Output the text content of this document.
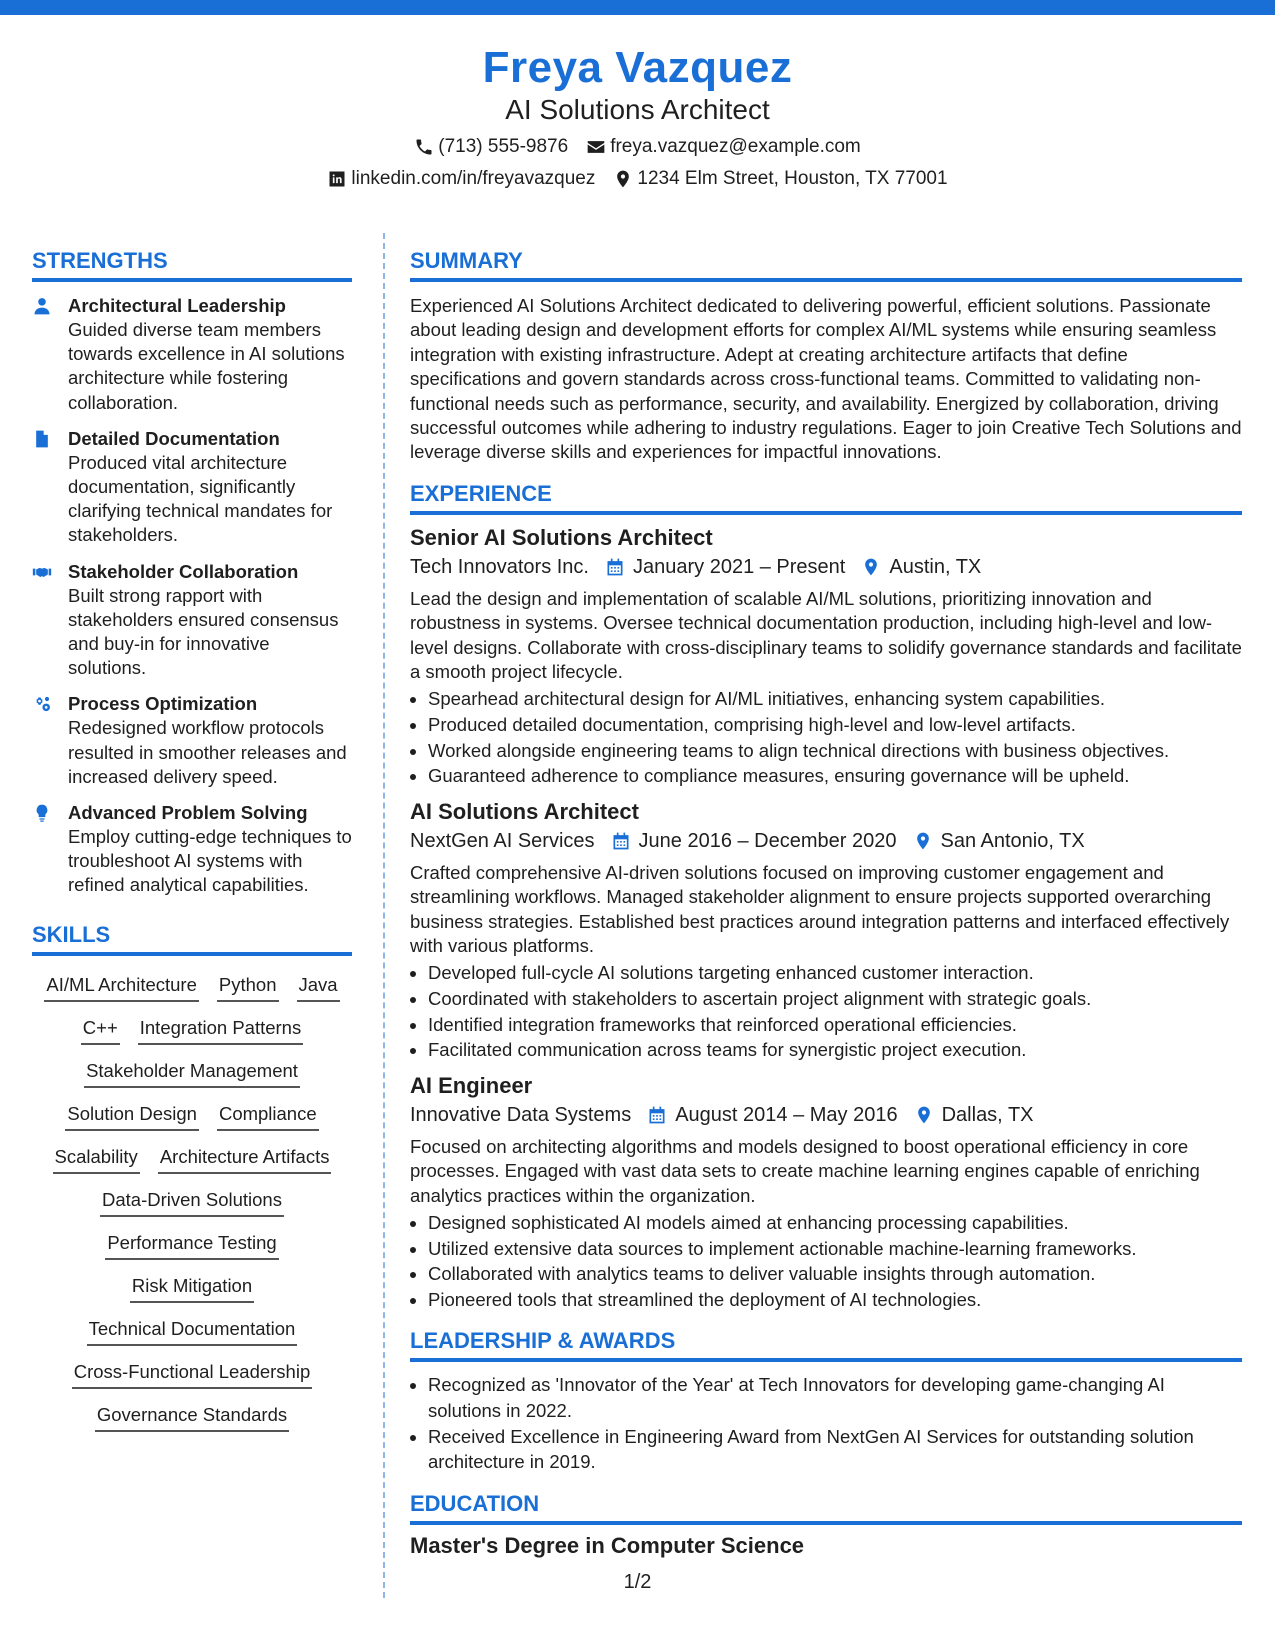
Freya Vazquez
AI Solutions Architect
(713) 555-9876 freya.vazquez@example.com
linkedin.com/in/freyavazquez 1234 Elm Street, Houston, TX 77001
STRENGTHS
Architectural Leadership
Guided diverse team members towards excellence in AI solutions architecture while fostering collaboration.
Detailed Documentation
Produced vital architecture documentation, significantly clarifying technical mandates for stakeholders.
Stakeholder Collaboration
Built strong rapport with stakeholders ensured consensus and buy-in for innovative solutions.
Process Optimization
Redesigned workflow protocols resulted in smoother releases and increased delivery speed.
Advanced Problem Solving
Employ cutting-edge techniques to troubleshoot AI systems with refined analytical capabilities.
SKILLS
AI/ML Architecture Python Java
C++ Integration Patterns
Stakeholder Management
Solution Design Compliance
Scalability Architecture Artifacts
Data-Driven Solutions
Performance Testing
Risk Mitigation
Technical Documentation
Cross-Functional Leadership
Governance Standards
SUMMARY
Experienced AI Solutions Architect dedicated to delivering powerful, efficient solutions. Passionate about leading design and development efforts for complex AI/ML systems while ensuring seamless integration with existing infrastructure. Adept at creating architecture artifacts that define specifications and govern standards across cross-functional teams. Committed to validating non-functional needs such as performance, security, and availability. Energized by collaboration, driving successful outcomes while adhering to industry regulations. Eager to join Creative Tech Solutions and leverage diverse skills and experiences for impactful innovations.
EXPERIENCE
Senior AI Solutions Architect
Tech Innovators Inc. January 2021 – Present Austin, TX
Lead the design and implementation of scalable AI/ML solutions, prioritizing innovation and robustness in systems. Oversee technical documentation production, including high-level and low-level designs. Collaborate with cross-disciplinary teams to solidify governance standards and facilitate a smooth project lifecycle.
• Spearhead architectural design for AI/ML initiatives, enhancing system capabilities.
• Produced detailed documentation, comprising high-level and low-level artifacts.
• Worked alongside engineering teams to align technical directions with business objectives.
• Guaranteed adherence to compliance measures, ensuring governance will be upheld.
AI Solutions Architect
NextGen AI Services June 2016 – December 2020 San Antonio, TX
Crafted comprehensive AI-driven solutions focused on improving customer engagement and streamlining workflows. Managed stakeholder alignment to ensure projects supported overarching business strategies. Established best practices around integration patterns and interfaced effectively with various platforms.
• Developed full-cycle AI solutions targeting enhanced customer interaction.
• Coordinated with stakeholders to ascertain project alignment with strategic goals.
• Identified integration frameworks that reinforced operational efficiencies.
• Facilitated communication across teams for synergistic project execution.
AI Engineer
Innovative Data Systems August 2014 – May 2016 Dallas, TX
Focused on architecting algorithms and models designed to boost operational efficiency in core processes. Engaged with vast data sets to create machine learning engines capable of enriching analytics practices within the organization.
• Designed sophisticated AI models aimed at enhancing processing capabilities.
• Utilized extensive data sources to implement actionable machine-learning frameworks.
• Collaborated with analytics teams to deliver valuable insights through automation.
• Pioneered tools that streamlined the deployment of AI technologies.
LEADERSHIP & AWARDS
• Recognized as 'Innovator of the Year' at Tech Innovators for developing game-changing AI solutions in 2022.
• Received Excellence in Engineering Award from NextGen AI Services for outstanding solution architecture in 2019.
EDUCATION
Master's Degree in Computer Science
1/2
